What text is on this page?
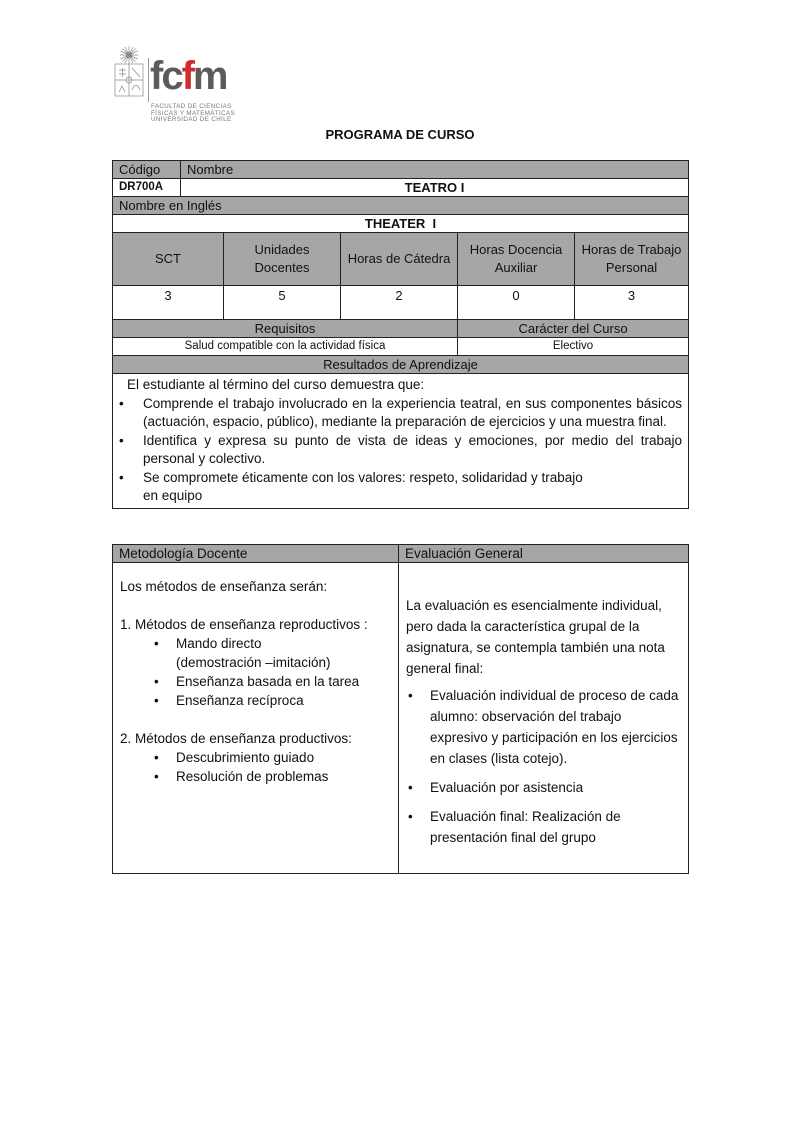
fcfm
FACULTAD DE CIENCIAS
FÍSICAS Y MATEMÁTICAS
UNIVERSIDAD DE CHILE
PROGRAMA DE CURSO
Código	Nombre				
DR700A	TEATRO I				
Nombre en Inglés					
THEATER  I					
SCT		Unidades Docentes	Horas de Cátedra	Horas Docencia Auxiliar	Horas de Trabajo Personal
3		5	2	0	3
Requisitos				Carácter del Curso	
Salud compatible con la actividad física				Electivo	
Resultados de Aprendizaje					

El estudiante al término del curso demuestra que:
• Comprende el trabajo involucrado en la experiencia teatral, en sus componentes básicos (actuación, espacio, público), mediante la preparación de ejercicios y una muestra final.
• Identifica y expresa su punto de vista de ideas y emociones, por medio del trabajo personal y colectivo.
• Se compromete éticamente con los valores: respeto, solidaridad y trabajo en equipo
Metodología Docente	Evaluación General

Los métodos de enseñanza serán:

1. Métodos de enseñanza reproductivos :

• Mando directo
(demostración –imitación)
• Enseñanza basada en la tarea
• Enseñanza recíproca

2. Métodos de enseñanza productivos:

• Descubrimiento guiado
• Resolución de problemas

La evaluación es esencialmente individual, pero dada la característica grupal de la asignatura, se contempla también una nota general final:

• Evaluación individual de proceso de cada alumno: observación del trabajo expresivo y participación en los ejercicios en clases (lista cotejo).
• Evaluación por asistencia
• Evaluación final: Realización de presentación final del grupo
